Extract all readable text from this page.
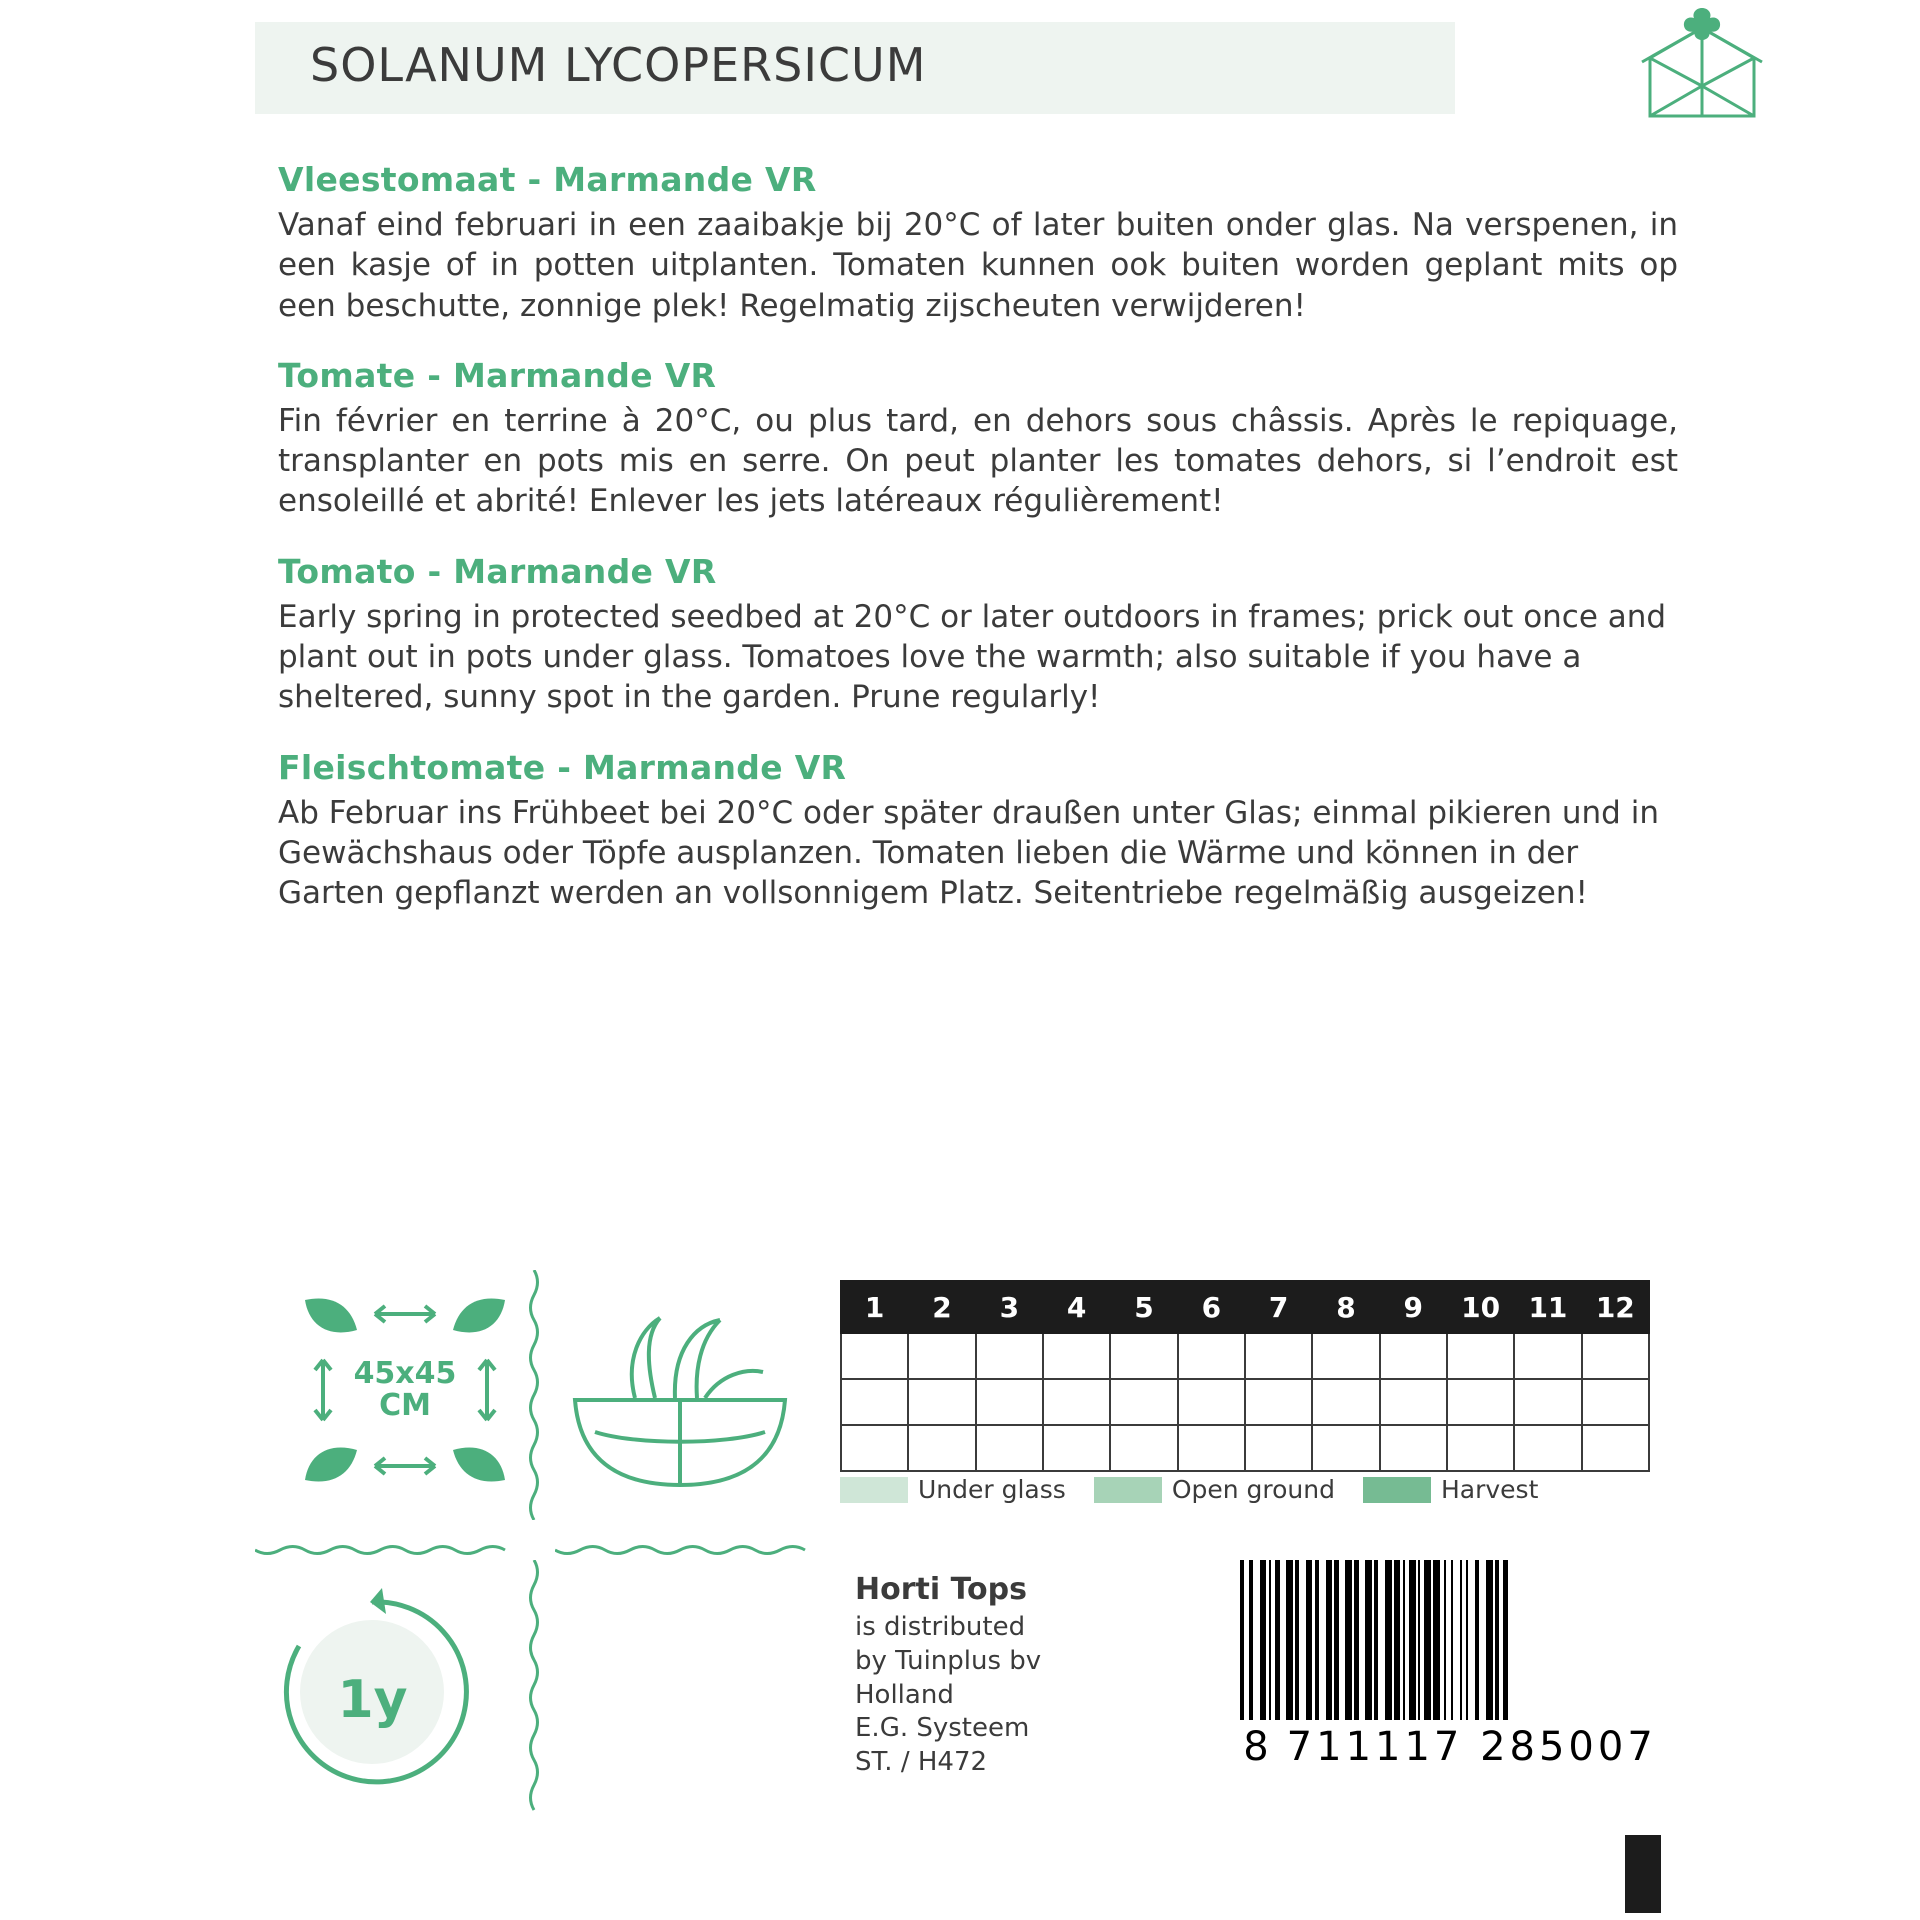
SOLANUM LYCOPERSICUM

Vleestomaat - Marmande VR

Vanaf eind februari in een zaaibakje bij 20°C of later buiten onder glas. Na verspenen, in een kasje of in potten uitplanten. Tomaten kunnen ook buiten worden geplant mits op een beschutte, zonnige plek! Regelmatig zijscheuten verwijderen!

Tomate - Marmande VR

Fin février en terrine à 20°C, ou plus tard, en dehors sous châssis. Après le repiquage, transplanter en pots mis en serre. On peut planter les tomates dehors, si l’endroit est ensoleillé et abrité! Enlever les jets latéreaux régulièrement!

Tomato - Marmande VR

Early spring in protected seedbed at 20°C or later outdoors in frames; prick out once and plant out in pots under glass. Tomatoes love the warmth; also suitable if you have a sheltered, sunny spot in the garden. Prune regularly!

Fleischtomate - Marmande VR

Ab Februar ins Frühbeet bei 20°C oder später draußen unter Glas; einmal pikieren und in Gewächshaus oder Töpfe ausplanzen. Tomaten lieben die Wärme und können in der Garten gepflanzt werden an vollsonnigem Platz. Seitentriebe regelmäßig ausgeizen!

45x45
CM
1y
1	2	3	4	5	6	7	8	9	10	11	12

Under glass	Open ground	Harvest
Horti Tops
is distributed
by Tuinplus bv
Holland
E.G. Systeem
ST. / H472	8 711117 285007
